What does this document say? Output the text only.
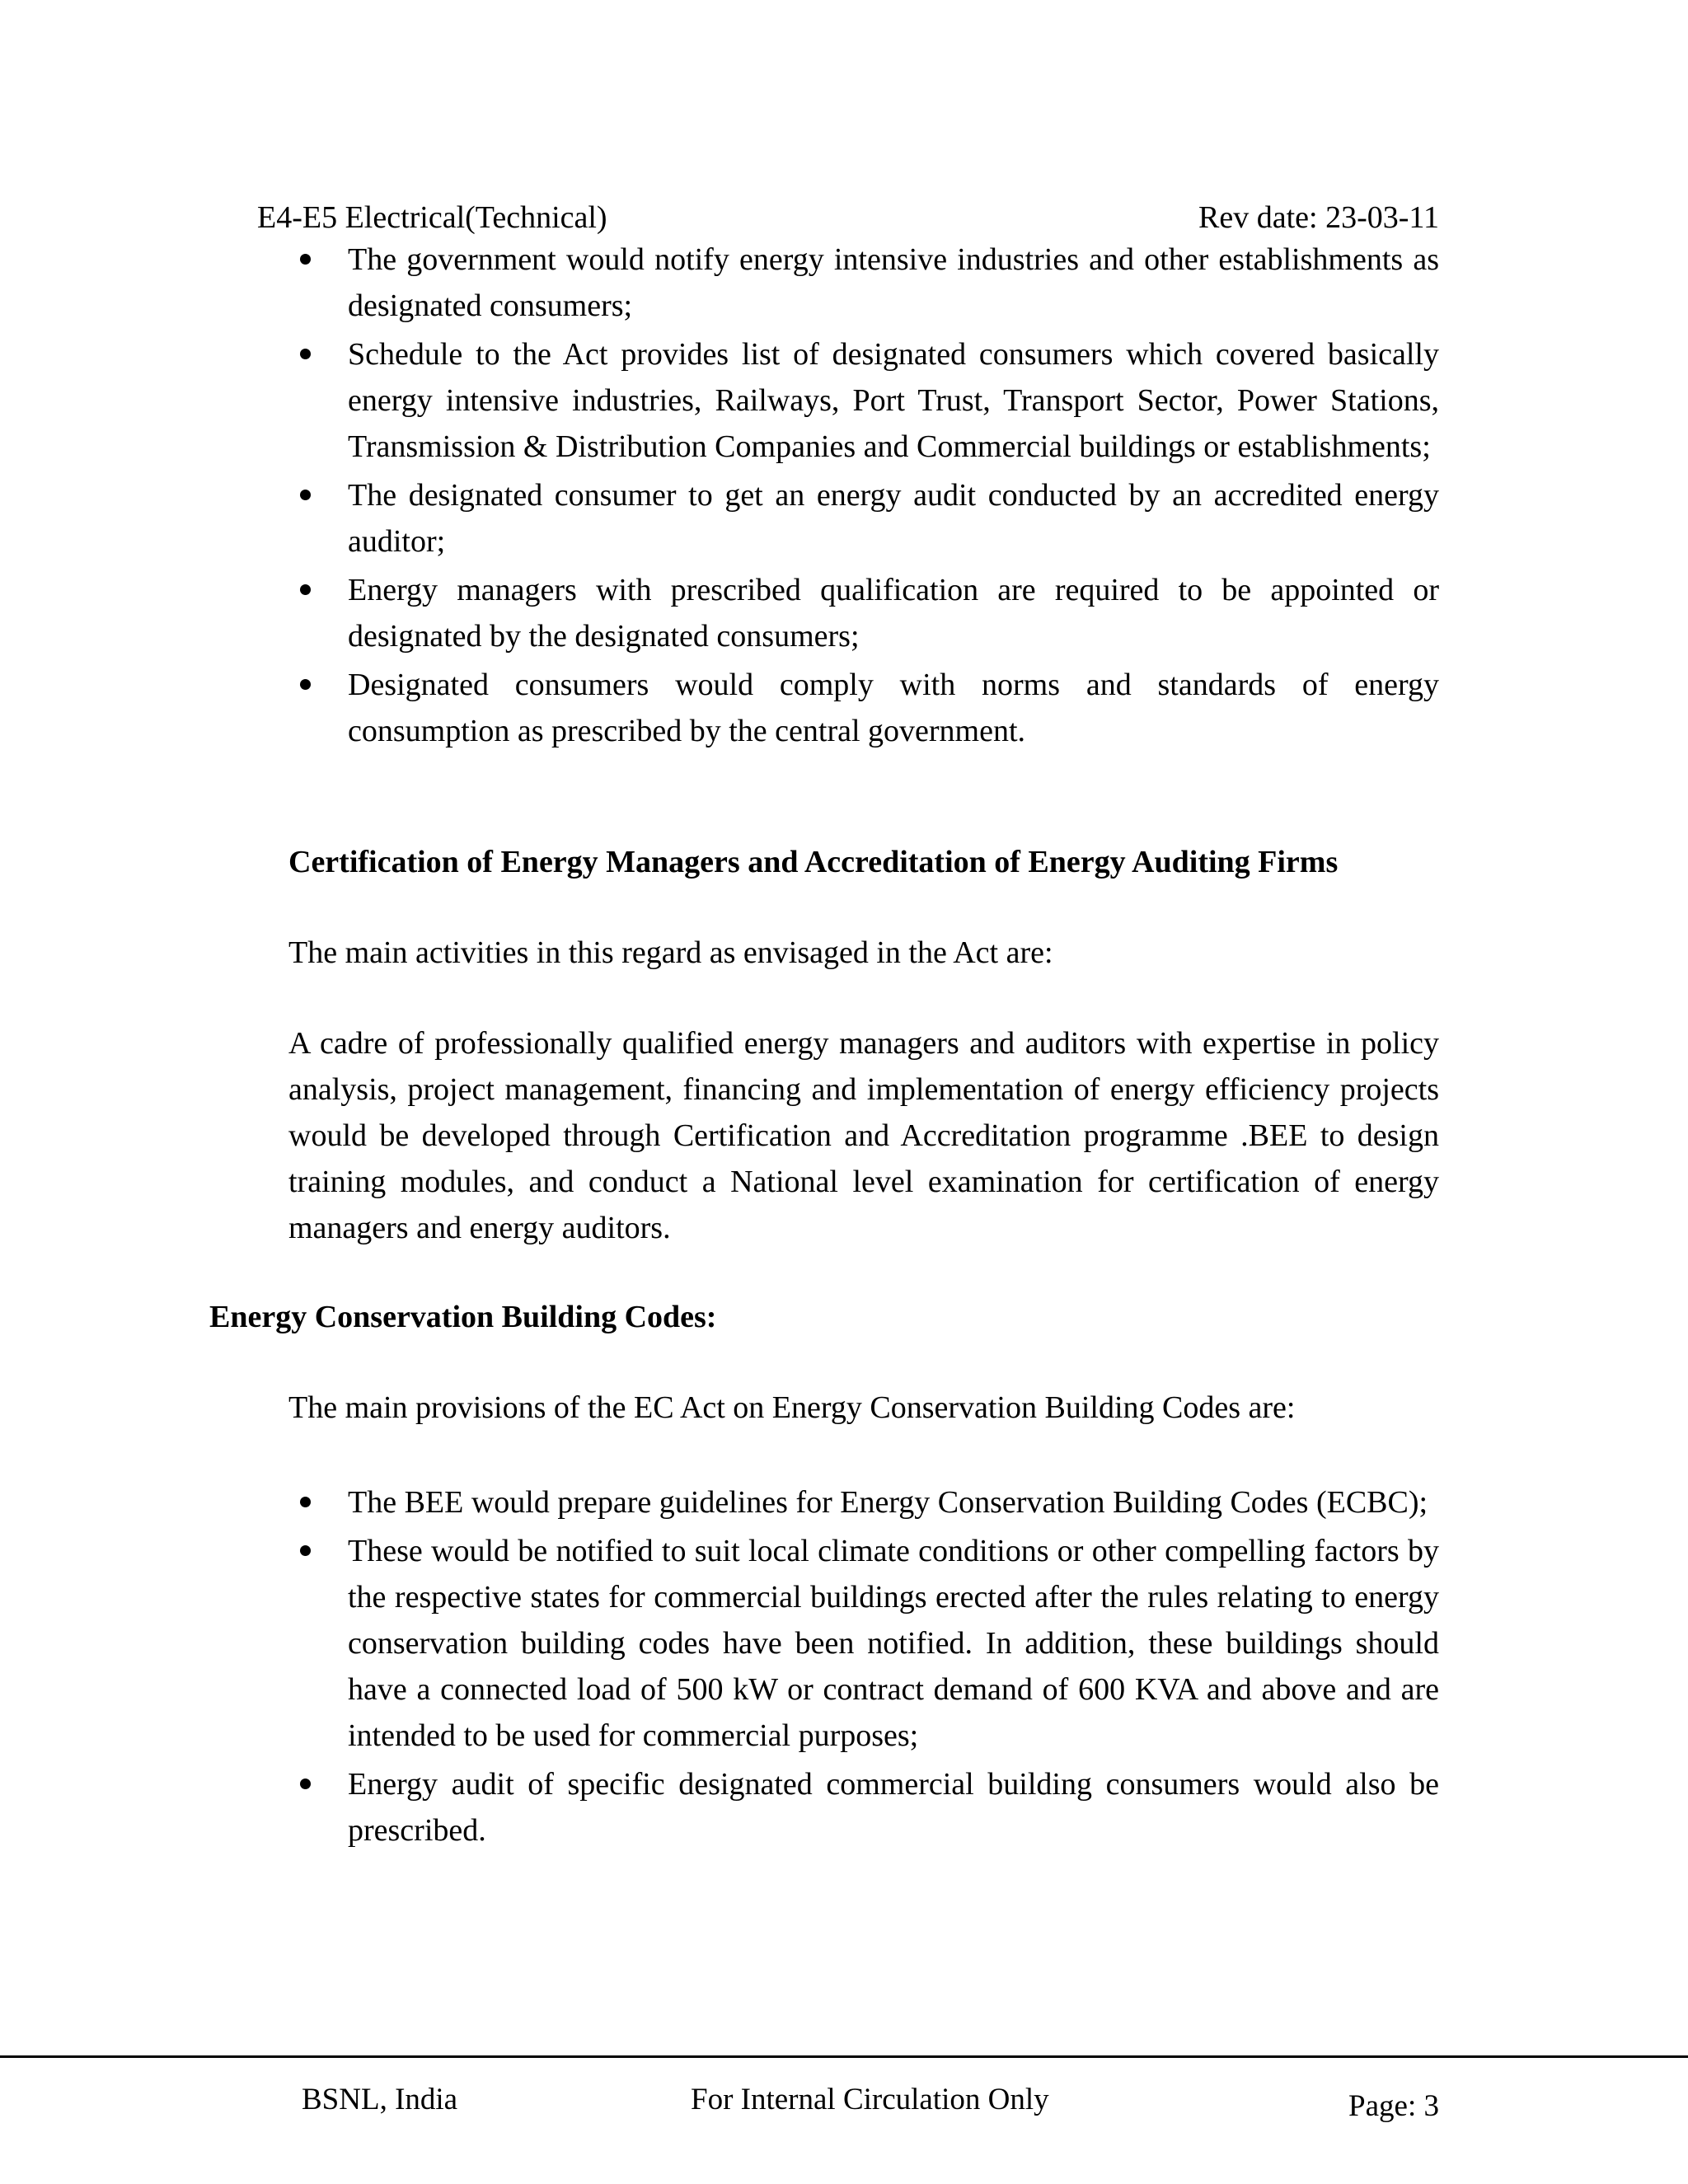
E4-E5 Electrical(Technical)	Rev date: 23-03-11
The government would notify energy intensive industries and other establishments as designated consumers;
Schedule to the Act provides list of designated consumers which covered basically energy intensive industries, Railways, Port Trust, Transport Sector, Power Stations, Transmission & Distribution Companies and Commercial buildings or establishments;
The designated consumer to get an energy audit conducted by an accredited energy auditor;
Energy managers with prescribed qualification are required to be appointed or designated by the designated consumers;
Designated consumers would comply with norms and standards of energy consumption as prescribed by the central government.
Certification of Energy Managers and Accreditation of Energy Auditing Firms
The main activities in this regard as envisaged in the Act are:
A cadre of professionally qualified energy managers and auditors with expertise in policy analysis, project management, financing and implementation of energy efficiency projects would be developed through Certification and Accreditation programme .BEE to design training modules, and conduct a National level examination for certification of energy managers and energy auditors.
Energy Conservation Building Codes:
The main provisions of the EC Act on Energy Conservation Building Codes are:
The BEE would prepare guidelines for Energy Conservation Building Codes (ECBC);
These would be notified to suit local climate conditions or other compelling factors by the respective states for commercial buildings erected after the rules relating to energy conservation building codes have been notified. In addition, these buildings should have a connected load of 500 kW or contract demand of 600 KVA and above and are intended to be used for commercial purposes;
Energy audit of specific designated commercial building consumers would also be prescribed.
BSNL, India	For Internal Circulation Only	Page: 3
